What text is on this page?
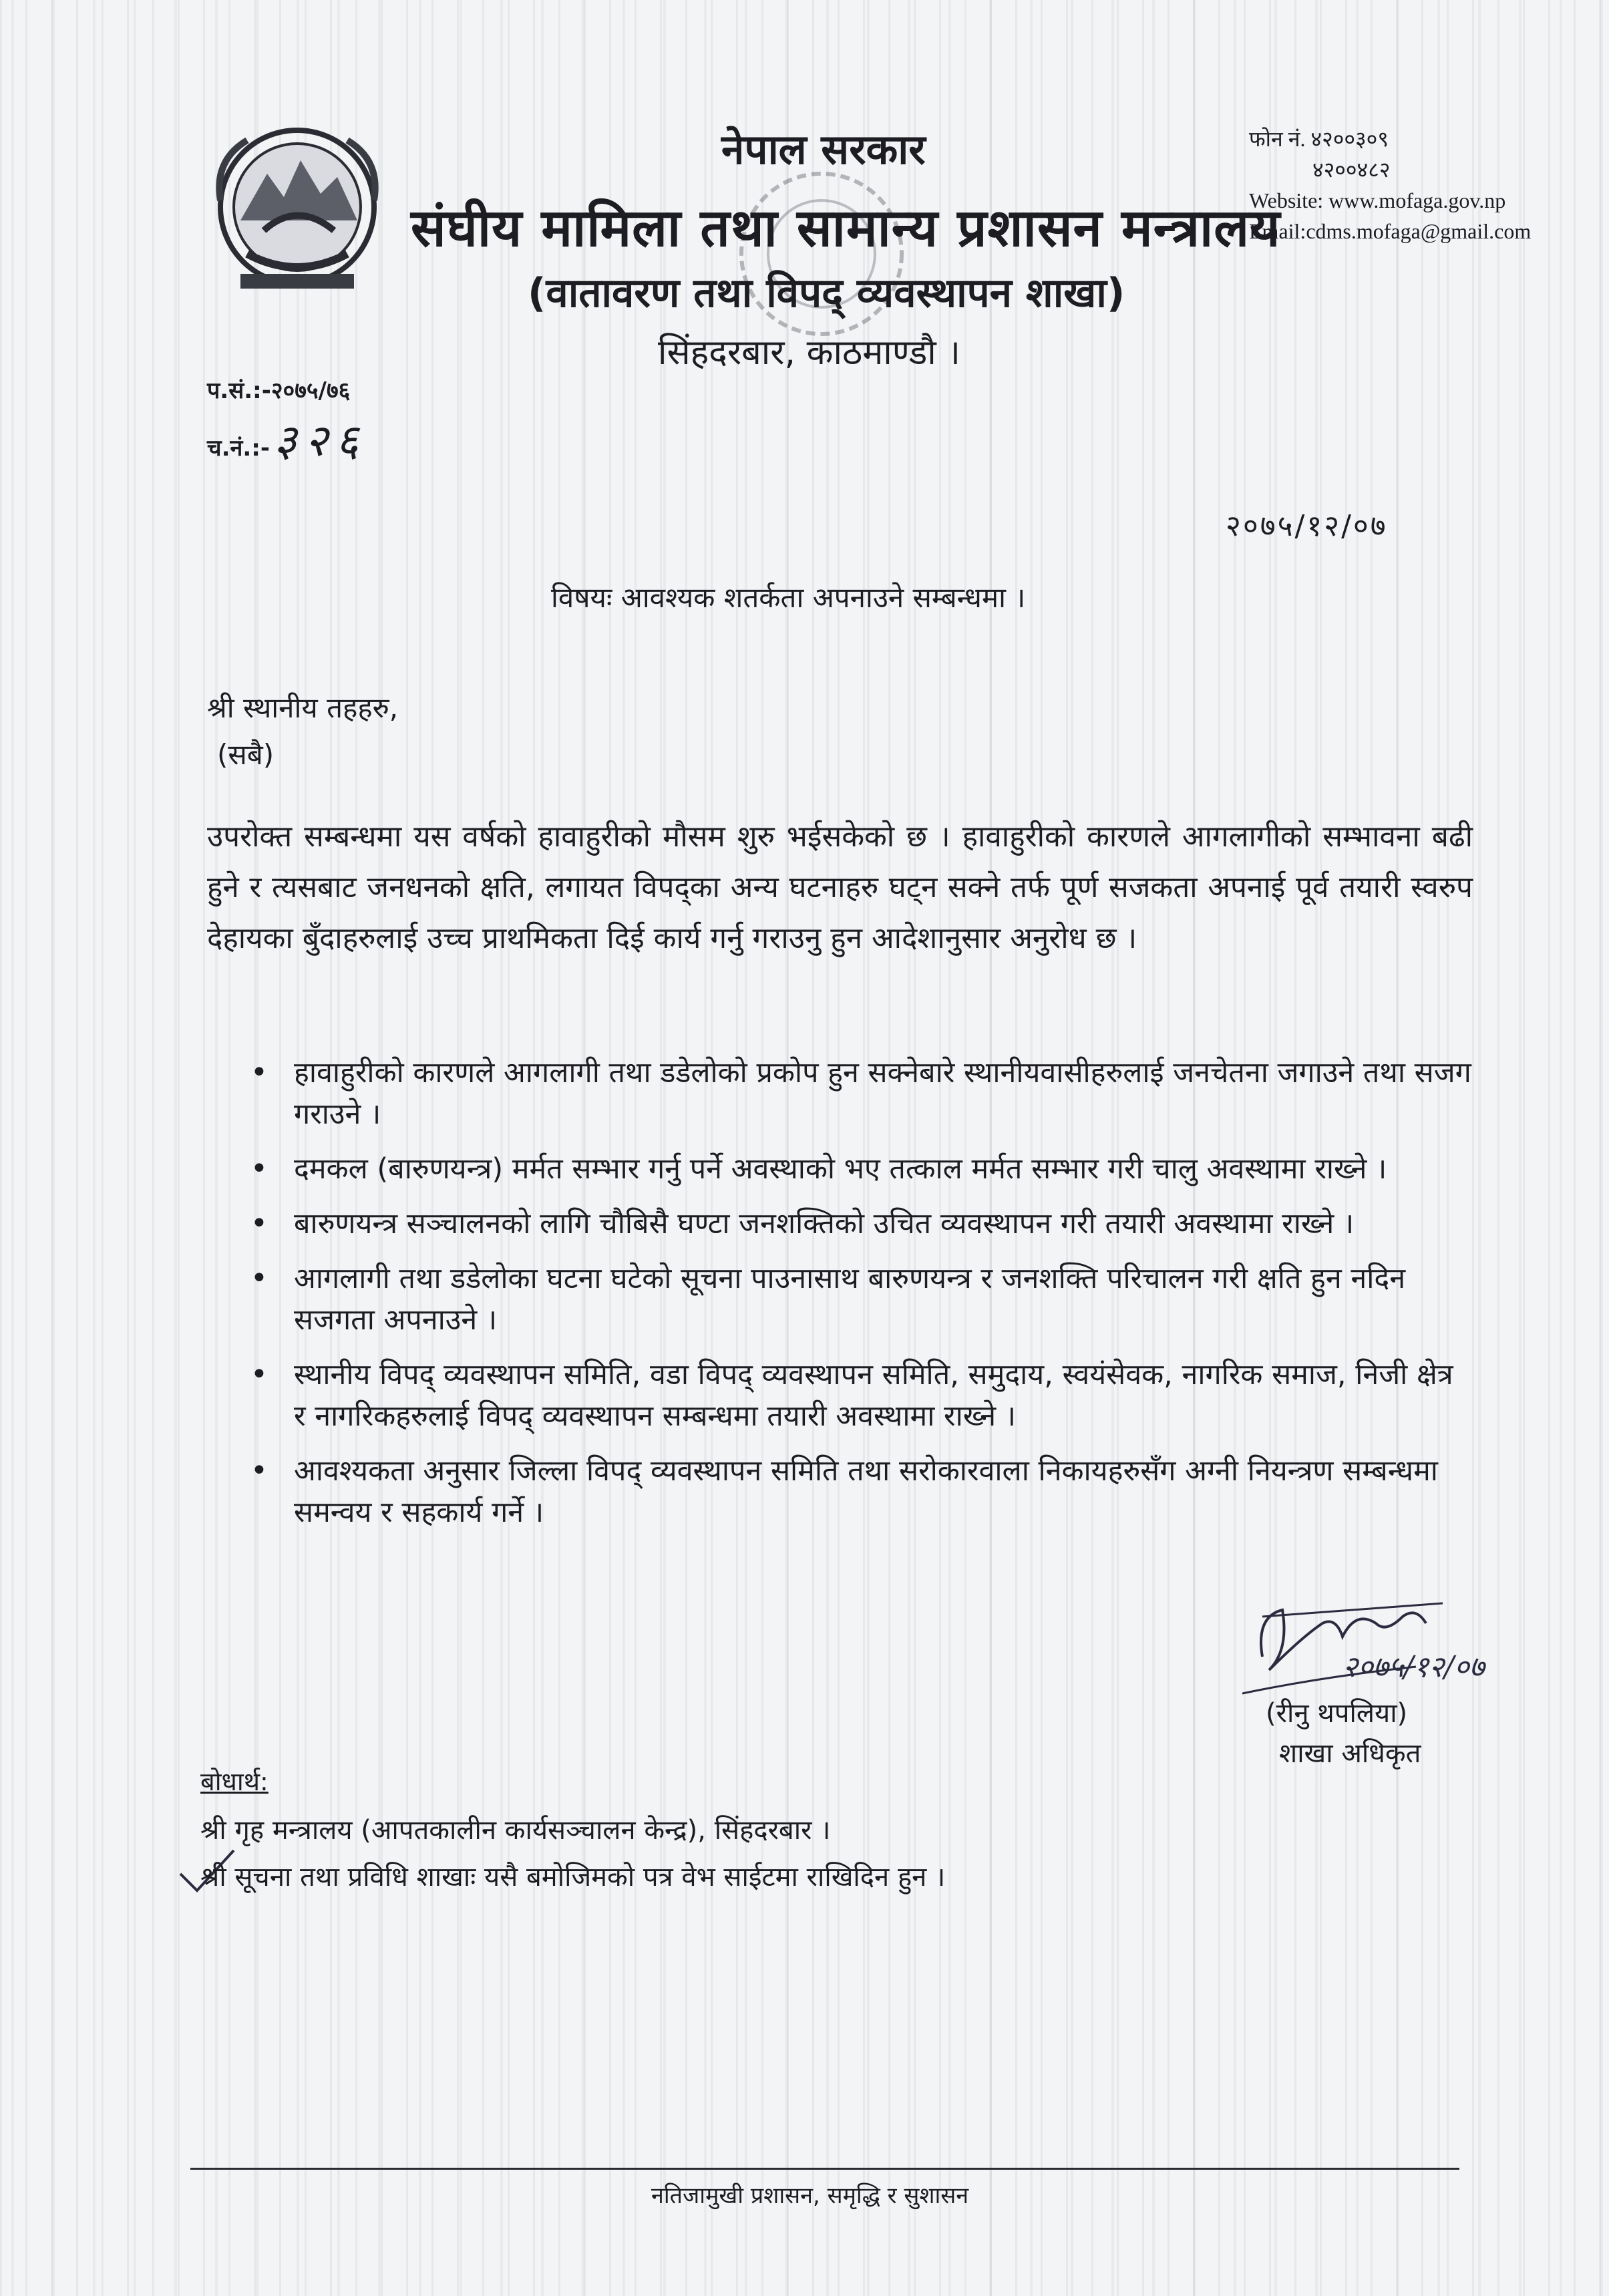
नेपाल सरकार
संघीय मामिला तथा सामान्य प्रशासन मन्त्रालय
(वातावरण तथा विपद् व्यवस्थापन शाखा)
सिंहदरबार, काठमाण्डौ ।
फोन नं. ४२००३०९
४२००४८२
Website: www.mofaga.gov.np
Email:cdms.mofaga@gmail.com
प.सं.:-२०७५/७६
च.नं.:-३२६
२०७५/१२/०७
विषयः आवश्यक शतर्कता अपनाउने सम्बन्धमा ।
श्री स्थानीय तहहरु,
(सबै)
उपरोक्त सम्बन्धमा यस वर्षको हावाहुरीको मौसम शुरु भईसकेको छ । हावाहुरीको कारणले आगलागीको सम्भावना बढी हुने र त्यसबाट जनधनको क्षति, लगायत विपद्का अन्य घटनाहरु घट्न सक्ने तर्फ पूर्ण सजकता अपनाई पूर्व तयारी स्वरुप देहायका बुँदाहरुलाई उच्च प्राथमिकता दिई कार्य गर्नु गराउनु हुन आदेशानुसार अनुरोध छ ।
• हावाहुरीको कारणले आगलागी तथा डडेलोको प्रकोप हुन सक्नेबारे स्थानीयवासीहरुलाई जनचेतना जगाउने तथा सजग गराउने ।
• दमकल (बारुणयन्त्र) मर्मत सम्भार गर्नु पर्ने अवस्थाको भए तत्काल मर्मत सम्भार गरी चालु अवस्थामा राख्ने ।
• बारुणयन्त्र सञ्चालनको लागि चौबिसै घण्टा जनशक्तिको उचित व्यवस्थापन गरी तयारी अवस्थामा राख्ने ।
• आगलागी तथा डडेलोका घटना घटेको सूचना पाउनासाथ बारुणयन्त्र र जनशक्ति परिचालन गरी क्षति हुन नदिन सजगता अपनाउने ।
• स्थानीय विपद् व्यवस्थापन समिति, वडा विपद् व्यवस्थापन समिति, समुदाय, स्वयंसेवक, नागरिक समाज, निजी क्षेत्र र नागरिकहरुलाई विपद् व्यवस्थापन सम्बन्धमा तयारी अवस्थामा राख्ने ।
• आवश्यकता अनुसार जिल्ला विपद् व्यवस्थापन समिति तथा सरोकारवाला निकायहरुसँग अग्नी नियन्त्रण सम्बन्धमा समन्वय र सहकार्य गर्ने ।
२०७५/१२/०७
(रीनु थपलिया)
शाखा अधिकृत
बोधार्थ:
श्री गृह मन्त्रालय (आपतकालीन कार्यसञ्चालन केन्द्र), सिंहदरबार ।
श्री सूचना तथा प्रविधि शाखाः यसै बमोजिमको पत्र वेभ साईटमा राखिदिन हुन ।
नतिजामुखी प्रशासन, समृद्धि र सुशासन
